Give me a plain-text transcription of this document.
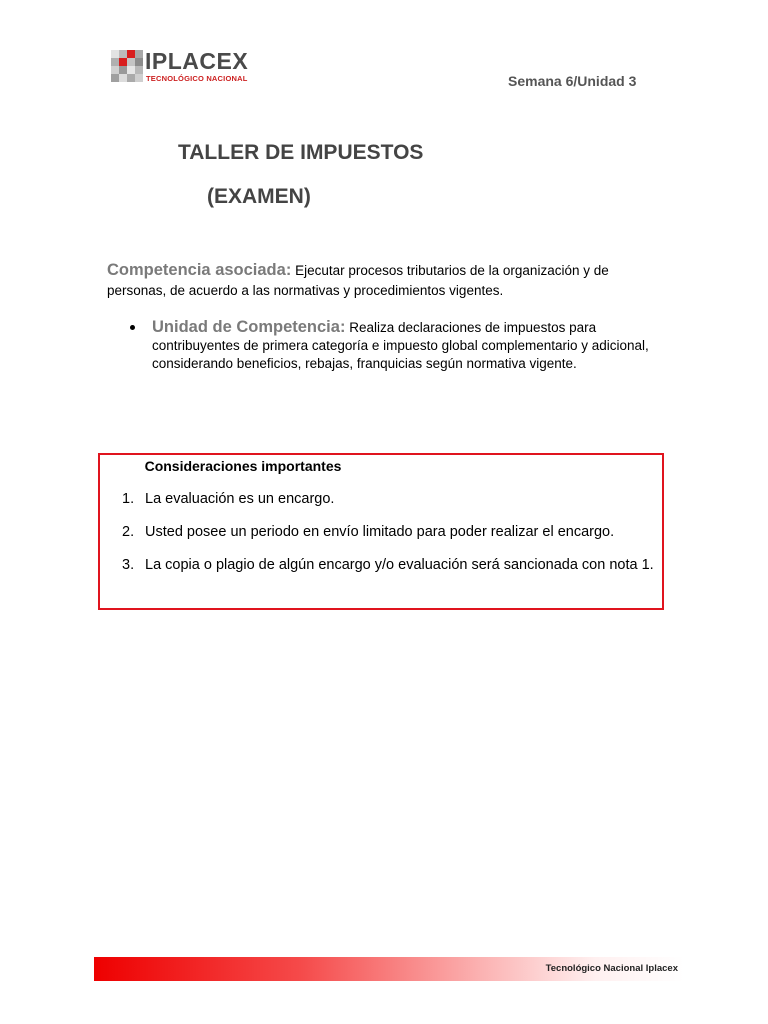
IPLACEX
TECNOLÓGICO NACIONAL	Semana 6/Unidad 3
TALLER DE IMPUESTOS
(EXAMEN)
Competencia asociada: Ejecutar procesos tributarios de la organización y de personas, de acuerdo a las normativas y procedimientos vigentes.
Unidad de Competencia: Realiza declaraciones de impuestos para contribuyentes de primera categoría e impuesto global complementario y adicional, considerando beneficios, rebajas, franquicias según normativa vigente.
Consideraciones importantes
1. La evaluación es un encargo.
2. Usted posee un periodo en envío limitado para poder realizar el encargo.
3. La copia o plagio de algún encargo y/o evaluación será sancionada con nota 1.
Tecnológico Nacional Iplacex
